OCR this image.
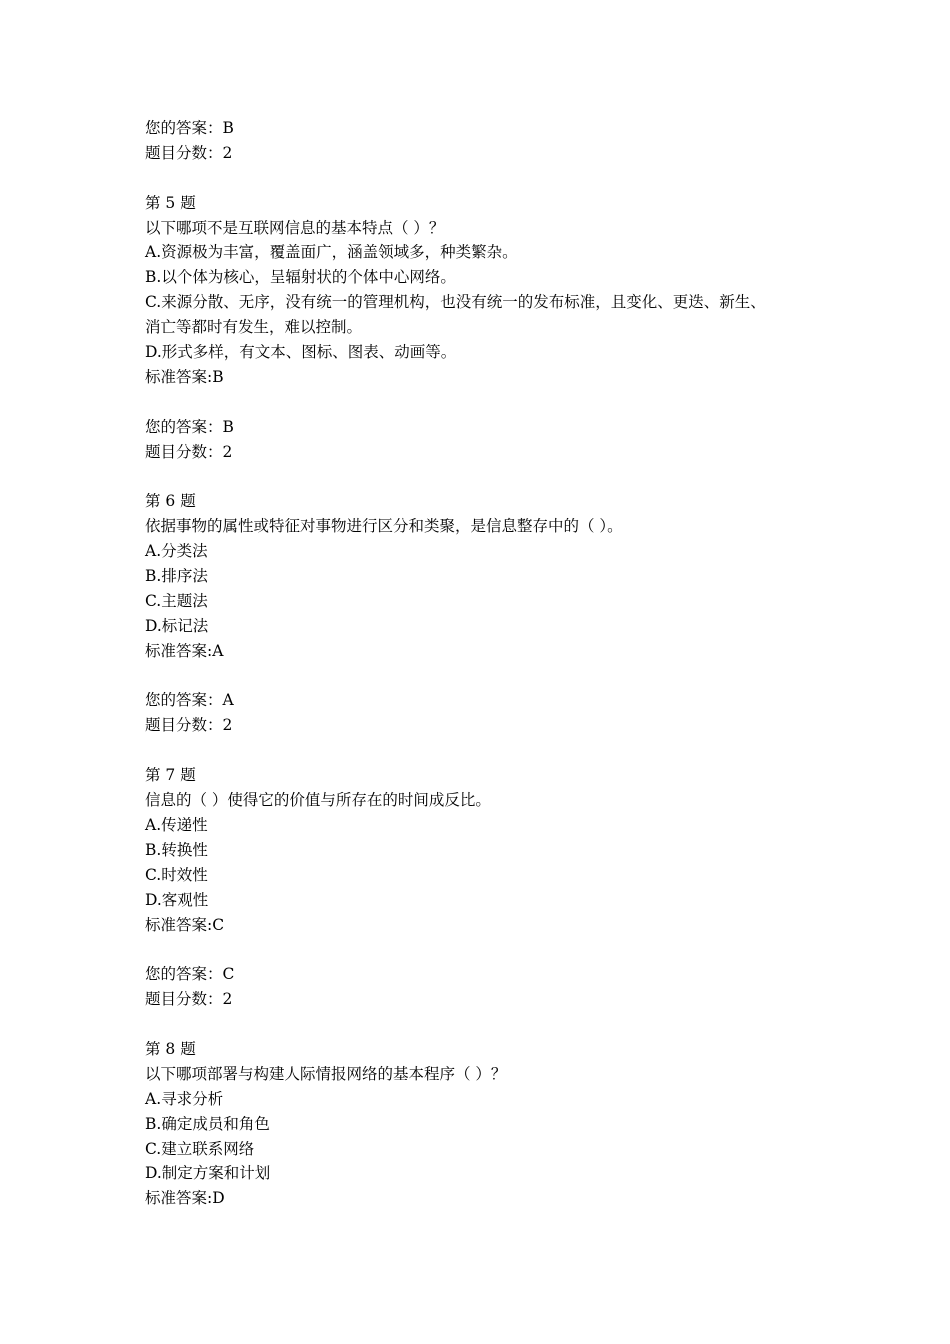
您的答案：B
题目分数：2
第 5 题
以下哪项不是互联网信息的基本特点（ ）？
A.资源极为丰富，覆盖面广，涵盖领域多，种类繁杂。
B.以个体为核心，呈辐射状的个体中心网络。
C.来源分散、无序，没有统一的管理机构，也没有统一的发布标准，且变化、更迭、新生、
消亡等都时有发生，难以控制。
D.形式多样，有文本、图标、图表、动画等。
标准答案:B
您的答案：B
题目分数：2
第 6 题
依据事物的属性或特征对事物进行区分和类聚，是信息整存中的（ ）。
A.分类法
B.排序法
C.主题法
D.标记法
标准答案:A
您的答案：A
题目分数：2
第 7 题
信息的（ ）使得它的价值与所存在的时间成反比。
A.传递性
B.转换性
C.时效性
D.客观性
标准答案:C
您的答案：C
题目分数：2
第 8 题
以下哪项部署与构建人际情报网络的基本程序（ ）？
A.寻求分析
B.确定成员和角色
C.建立联系网络
D.制定方案和计划
标准答案:D
